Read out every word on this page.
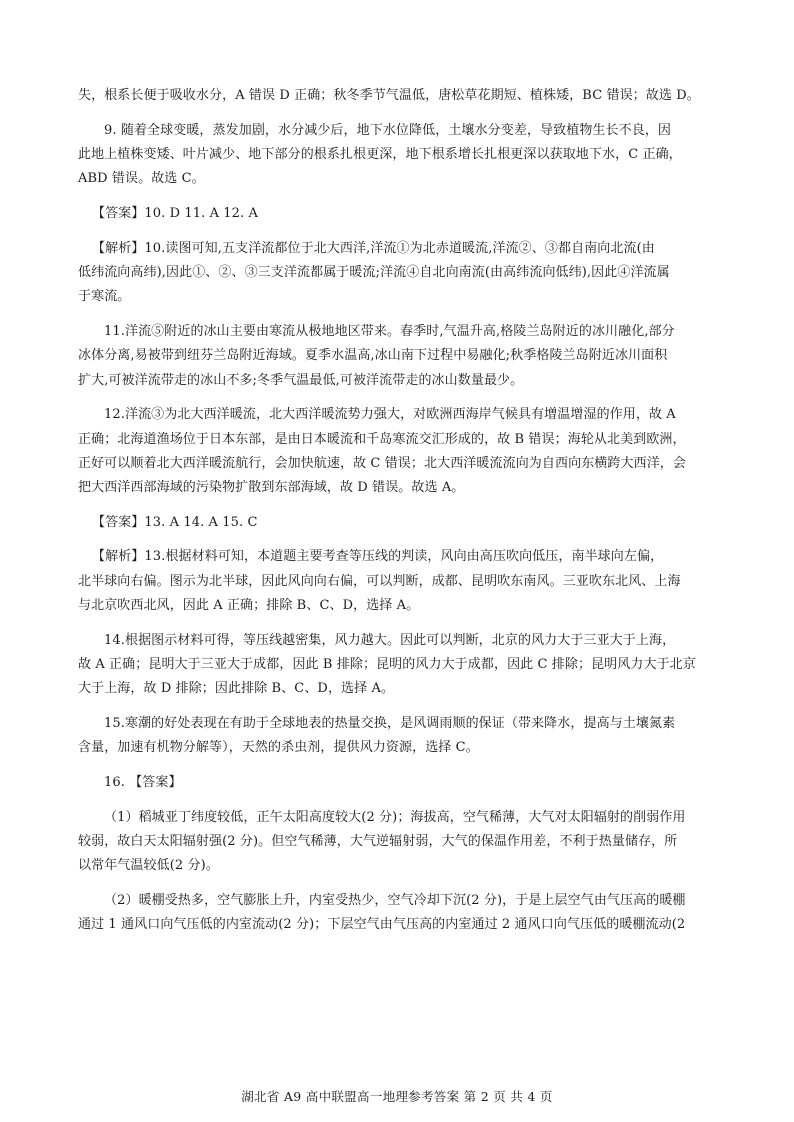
失，根系长便于吸收水分，A 错误 D 正确；秋冬季节气温低，唐松草花期短、植株矮，BC 错误；故选 D。
9. 随着全球变暖，蒸发加剧，水分减少后，地下水位降低，土壤水分变差，导致植物生长不良，因
此地上植株变矮、叶片减少、地下部分的根系扎根更深，地下根系增长扎根更深以获取地下水，C 正确，
ABD 错误。故选 C。
【答案】10. D 11. A 12. A
【解析】10.读图可知,五支洋流都位于北大西洋,洋流①为北赤道暖流,洋流②、③都自南向北流(由
低纬流向高纬),因此①、②、③三支洋流都属于暖流;洋流④自北向南流(由高纬流向低纬),因此④洋流属
于寒流。
11.洋流⑤附近的冰山主要由寒流从极地地区带来。春季时,气温升高,格陵兰岛附近的冰川融化,部分
冰体分离,易被带到纽芬兰岛附近海域。夏季水温高,冰山南下过程中易融化;秋季格陵兰岛附近冰川面积
扩大,可被洋流带走的冰山不多;冬季气温最低,可被洋流带走的冰山数量最少。
12.洋流③为北大西洋暖流，北大西洋暖流势力强大，对欧洲西海岸气候具有增温增湿的作用，故 A
正确；北海道渔场位于日本东部，是由日本暖流和千岛寒流交汇形成的，故 B 错误；海轮从北美到欧洲，
正好可以顺着北大西洋暖流航行，会加快航速，故 C 错误；北大西洋暖流流向为自西向东横跨大西洋，会
把大西洋西部海域的污染物扩散到东部海域，故 D 错误。故选 A。
【答案】13. A 14. A 15. C
【解析】13.根据材料可知，本道题主要考查等压线的判读，风向由高压吹向低压，南半球向左偏，
北半球向右偏。图示为北半球，因此风向向右偏，可以判断，成都、昆明吹东南风。三亚吹东北风、上海
与北京吹西北风，因此 A 正确；排除 B、C、D，选择 A。
14.根据图示材料可得，等压线越密集，风力越大。因此可以判断，北京的风力大于三亚大于上海，
故 A 正确；昆明大于三亚大于成都，因此 B 排除；昆明的风力大于成都，因此 C 排除；昆明风力大于北京
大于上海，故 D 排除；因此排除 B、C、D，选择 A。
15.寒潮的好处表现在有助于全球地表的热量交换，是风调雨顺的保证（带来降水，提高与土壤氮素
含量，加速有机物分解等），天然的杀虫剂，提供风力资源，选择 C。
16. 【答案】
（1）稻城亚丁纬度较低，正午太阳高度较大(2 分)；海拔高，空气稀薄，大气对太阳辐射的削弱作用
较弱，故白天太阳辐射强(2 分)。但空气稀薄，大气逆辐射弱，大气的保温作用差，不利于热量储存，所
以常年气温较低(2 分)。
（2）暖棚受热多，空气膨胀上升，内室受热少，空气冷却下沉(2 分)，于是上层空气由气压高的暖棚
通过 1 通风口向气压低的内室流动(2 分)；下层空气由气压高的内室通过 2 通风口向气压低的暖棚流动(2
湖北省 A9 高中联盟高一地理参考答案 第 2 页 共 4 页
